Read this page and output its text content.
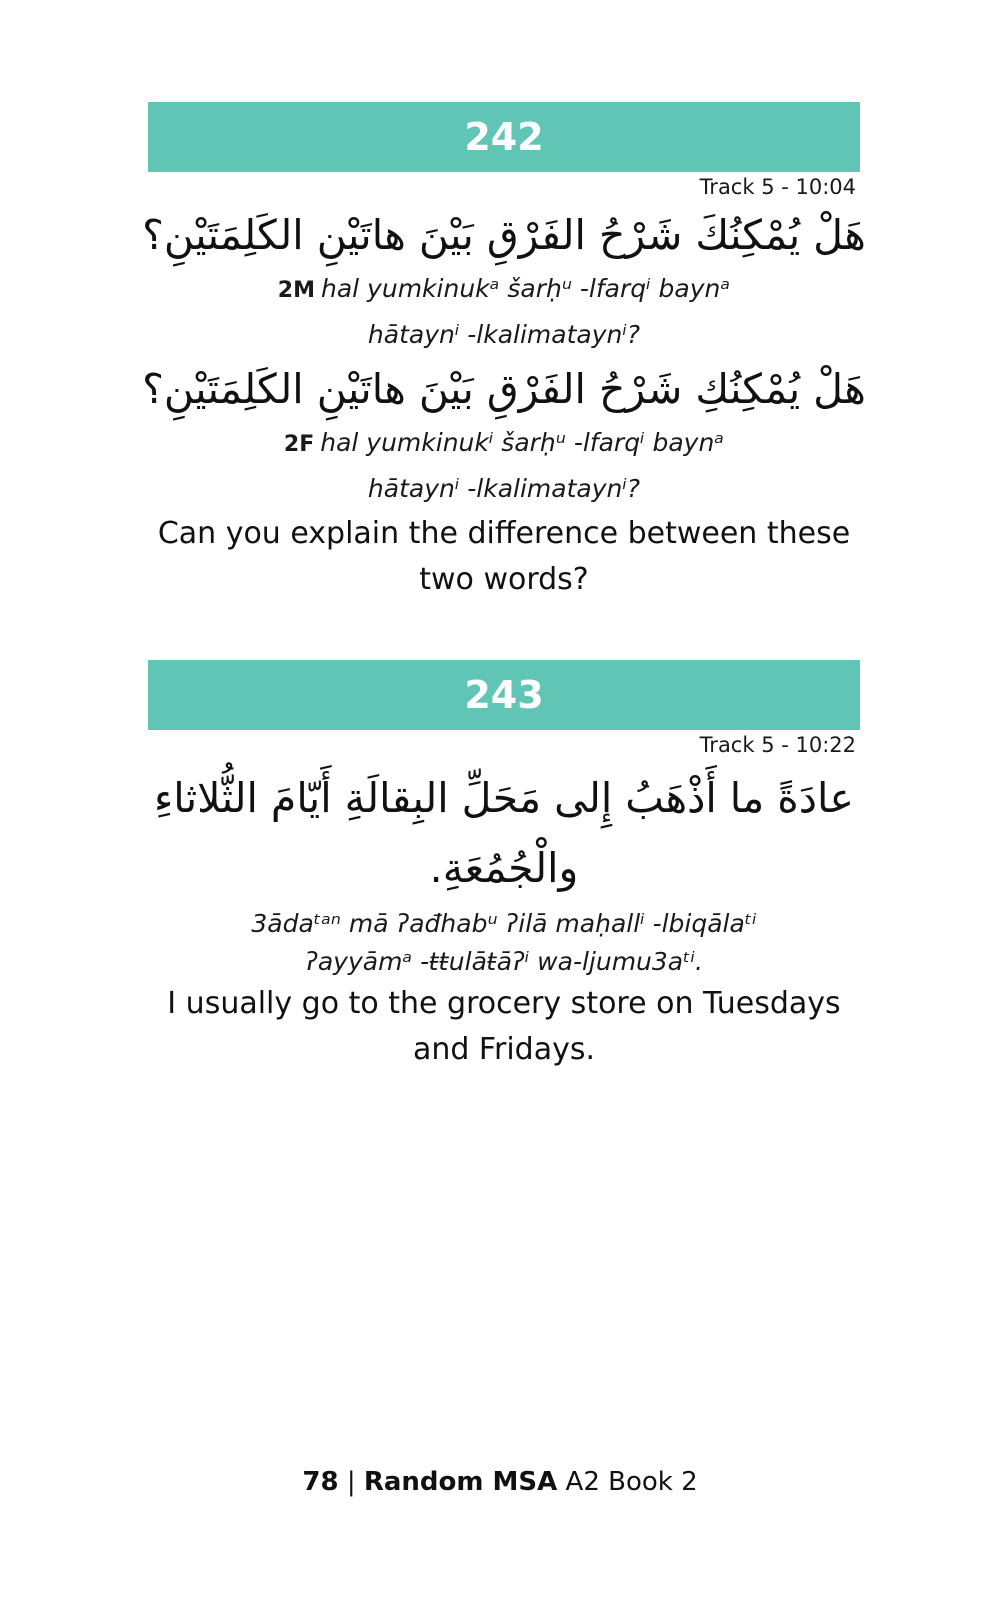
242
Track 5 - 10:04
هَلْ يُمْكِنُكَ شَرْحُ الفَرْقِ بَيْنَ هاتَيْنِ الكَلِمَتَيْنِ؟
2M hal yumkinukᵃ šarḥᵘ -lfarqⁱ baynᵃ
hātaynⁱ -lkalimataynⁱ?
هَلْ يُمْكِنُكِ شَرْحُ الفَرْقِ بَيْنَ هاتَيْنِ الكَلِمَتَيْنِ؟
2F hal yumkinukⁱ šarḥᵘ -lfarqⁱ baynᵃ
hātaynⁱ -lkalimataynⁱ?
Can you explain the difference between these two words?
243
Track 5 - 10:22
عادَةً ما أَذْهَبُ إِلى مَحَلِّ البِقالَةِ أَيّامَ الثُّلاثاءِ والْجُمُعَةِ.
3ādaᵗᵃⁿ mā ʔađhabᵘ ʔilā maḥallⁱ -lbiqālaᵗⁱ
ʔayyāmᵃ -ŧŧulāŧāʔⁱ wa-ljumu3aᵗⁱ.
I usually go to the grocery store on Tuesdays and Fridays.
78 | Random MSA A2 Book 2
